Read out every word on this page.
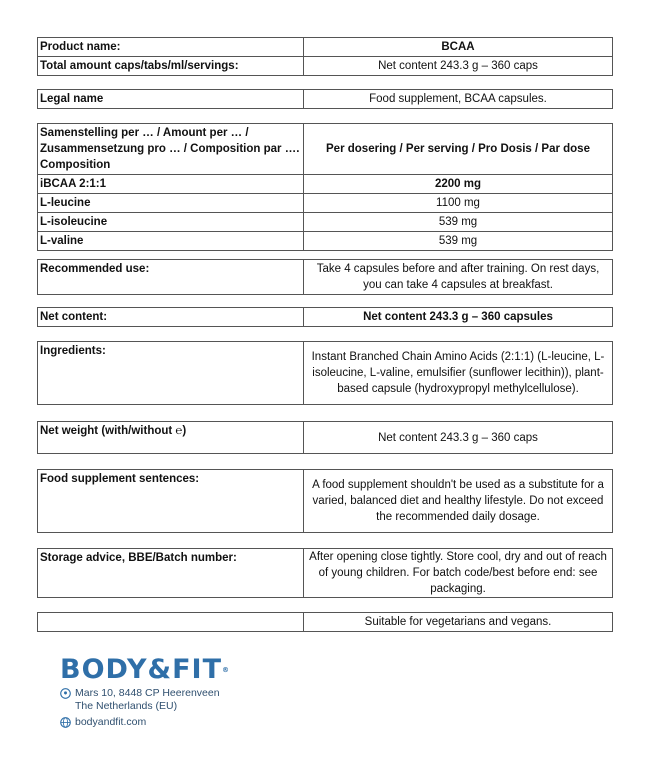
Product name:	BCAA
Total amount caps/tabs/ml/servings:	Net content 243.3 g – 360 caps
Legal name	Food supplement, BCAA capsules.
Samenstelling per … / Amount per … / Zusammensetzung pro … / Composition par …. Composition	Per dosering / Per serving / Pro Dosis / Par dose
iBCAA 2:1:1	2200 mg
L-leucine	1100 mg
L-isoleucine	539 mg
L-valine	539 mg
Recommended use:	Take 4 capsules before and after training. On rest days, you can take 4 capsules at breakfast.
Net content:	Net content 243.3 g – 360 capsules
Ingredients:	Instant Branched Chain Amino Acids (2:1:1) (L-leucine, L-isoleucine, L-valine, emulsifier (sunflower lecithin)), plant-based capsule (hydroxypropyl methylcellulose).
Net weight (with/without ℮)	Net content 243.3 g – 360 caps
Food supplement sentences:	A food supplement shouldn't be used as a substitute for a varied, balanced diet and healthy lifestyle. Do not exceed the recommended daily dosage.
Storage advice, BBE/Batch number:	After opening close tightly. Store cool, dry and out of reach of young children. For batch code/best before end: see packaging.
	Suitable for vegetarians and vegans.
BODY&FIT®
Mars 10, 8448 CP Heerenveen
The Netherlands (EU)
bodyandfit.com
